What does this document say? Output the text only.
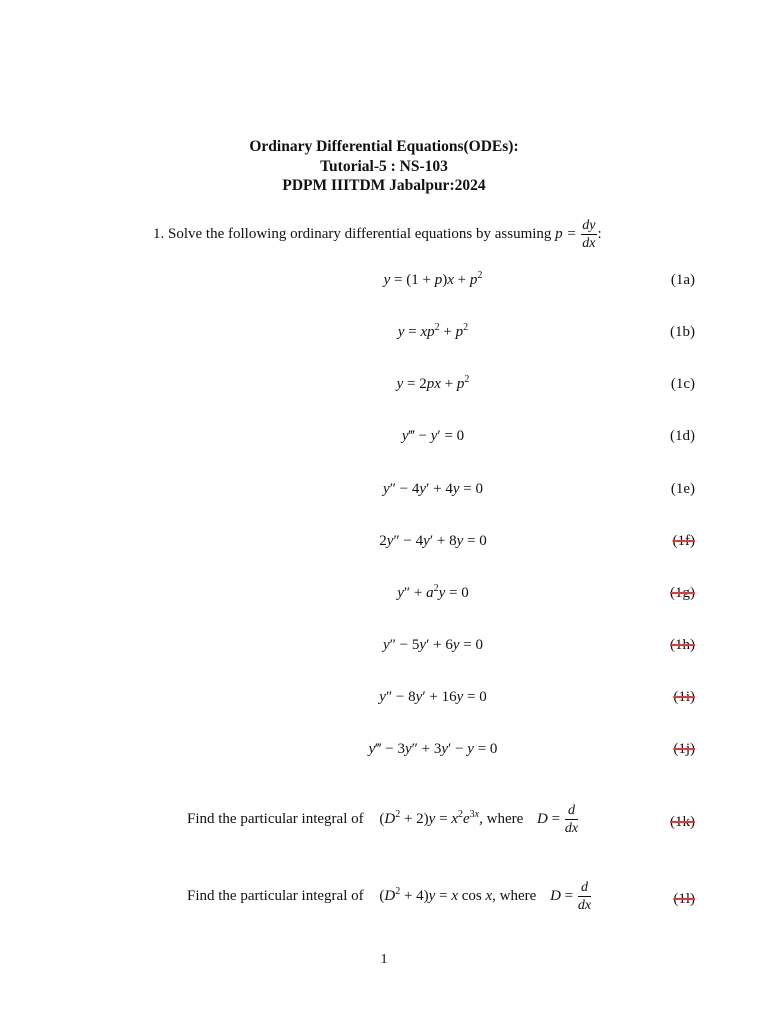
Ordinary Differential Equations(ODEs):
Tutorial-5 : NS-103
PDPM IIITDM Jabalpur:2024
1. Solve the following ordinary differential equations by assuming $p = \frac{dy}{dx}$ :
$y = (1 + p)x + p^2$	(1a)
$y = xp^2 + p^2$	(1b)
$y = 2px + p^2$	(1c)
y‴ − y′ = 0	(1d)
y″ − 4y′ + 4y = 0	(1e)
2y″ − 4y′ + 8y = 0	(1f)
$y'' + a^2y = 0$	(1g)
y″ − 5y′ + 6y = 0	(1h)
y″ − 8y′ + 16y = 0	(1i)
y‴ − 3y″ + 3y′ − y = 0	(1j)
Find the particular integral of $(D^2 + 2)y = x^2e^{3x}$, where $D = \frac{d}{dx}$	(1k)
Find the particular integral of $(D^2 + 4)y = x$ cos x, where $D = \frac{d}{dx}$	(1l)
1
